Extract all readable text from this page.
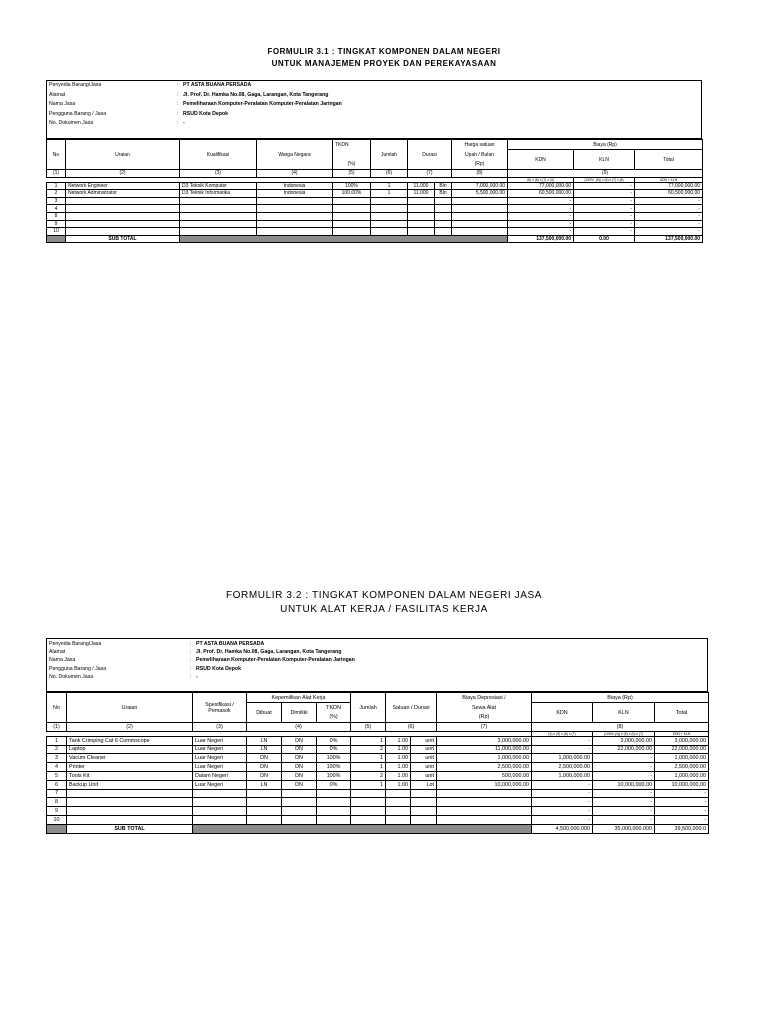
FORMULIR 3.1 : TINGKAT KOMPONEN DALAM NEGERI
UNTUK MANAJEMEN PROYEK DAN PEREKAYASAAN
Penyedia Barang/Jasa	: PT ASTA BUANA PERSADA
Alamat	: Jl. Prof. Dr. Hamka No.08, Gaga, Larangan, Kota Tangerang
Nama Jasa	: Pemeliharaan Komputer-Peralatan Komputer-Peralatan Jaringan
Pengguna Barang / Jasa	: RSUD Kota Depok
No. Dokumen Jasa	: -
No	Uraian	Kualifikasi	Warga Negara	TKDN	Jumlah	Durasi		Harga satuan	Biaya (Rp)		
								Upah / Bulan	KDN	KLN	Total
				(%)				(Rp)			
(1)	(2)	(3)	(4)	(5)	(6)	(7)		(8)	(9)		
									(6) x (8) x (7) x (4)	(100% -(5)) x (6) x (7) x (8)	KDN + KLN
1	Network Engineer	D3 Teknik Komputer	Indonesia	100%	1	11.000	Bln	7,000,000.00	77,000,000.00	-	77,000,000.00
2	Network Administrator	D3 Teknik Informatika	Indonesia	100.00%	1	11.000	Bln	5,500,000.00	60,500,000.00	-	60,500,000.00
3									-	-	-
4									-	-	-
8									-	-	-
9									-	-	-
10									-	-	-
	SUB TOTAL								137,500,000.00	0.00	137,500,000.00
FORMULIR 3.2 : TINGKAT KOMPONEN DALAM NEGERI JASA
UNTUK ALAT KERJA / FASILITAS KERJA
Penyedia Barang/Jasa	: PT ASTA BUANA PERSADA
Alamat	: Jl. Prof. Dr. Hamka No.08, Gaga, Larangan, Kota Tangerang
Nama Jasa	: Pemeliharaan Komputer-Peralatan Komputer-Peralatan Jaringan
Pengguna Barang / Jasa	: RSUD Kota Depok
No. Dokumen Jasa	: -
No	Uraian	Spesifikasi /
Pemasok	Kepemilikan Alat Kerja			Jumlah	Satuan / Durasi		Biaya Depresiasi /	Biaya (Rp)		
			Dibuat	Dimiliki	TKDN				Sewa Alat	KDN	KLN	Total
					(%)				(Rp)			
(1)	(2)	(3)	(4)			(5)	(6)		(7)	(8)		
										(4) x (5) x (6) x (7)	(100%-(4)) x (5) x (6) x (7)	KDN + KLN
1	Tank Crimping Cat 6 Commscope	Luar Negeri	LN	DN	0%	1	1.00	unit	3,000,000.00	-	3,000,000.00	3,000,000.00
2	Laptop	Luar Negeri	LN	DN	0%	2	1.00	unit	11,000,000.00	-	22,000,000.00	22,000,000.00
3	Vacum Cleaner	Luar Negeri	DN	DN	100%	1	1.00	unit	1,000,000.00	1,000,000.00	-	1,000,000.00
4	Printer	Luar Negeri	DN	DN	100%	1	1.00	unit	2,500,000.00	2,500,000.00	-	2,500,000.00
5	Tools Kit	Dalam Negeri	DN	DN	100%	2	1.00	unit	500,000.00	1,000,000.00	-	1,000,000.00
6	Backup Unit	Luar Negeri	LN	DN	0%	1	1.00	Lot	10,000,000.00	-	10,000,000.00	10,000,000.00
7										-	-	-
8										-	-	-
9										-	-	-
10										-	-	-
	SUB TOTAL									4,500,000.000	35,000,000.000	39,500,000.0
